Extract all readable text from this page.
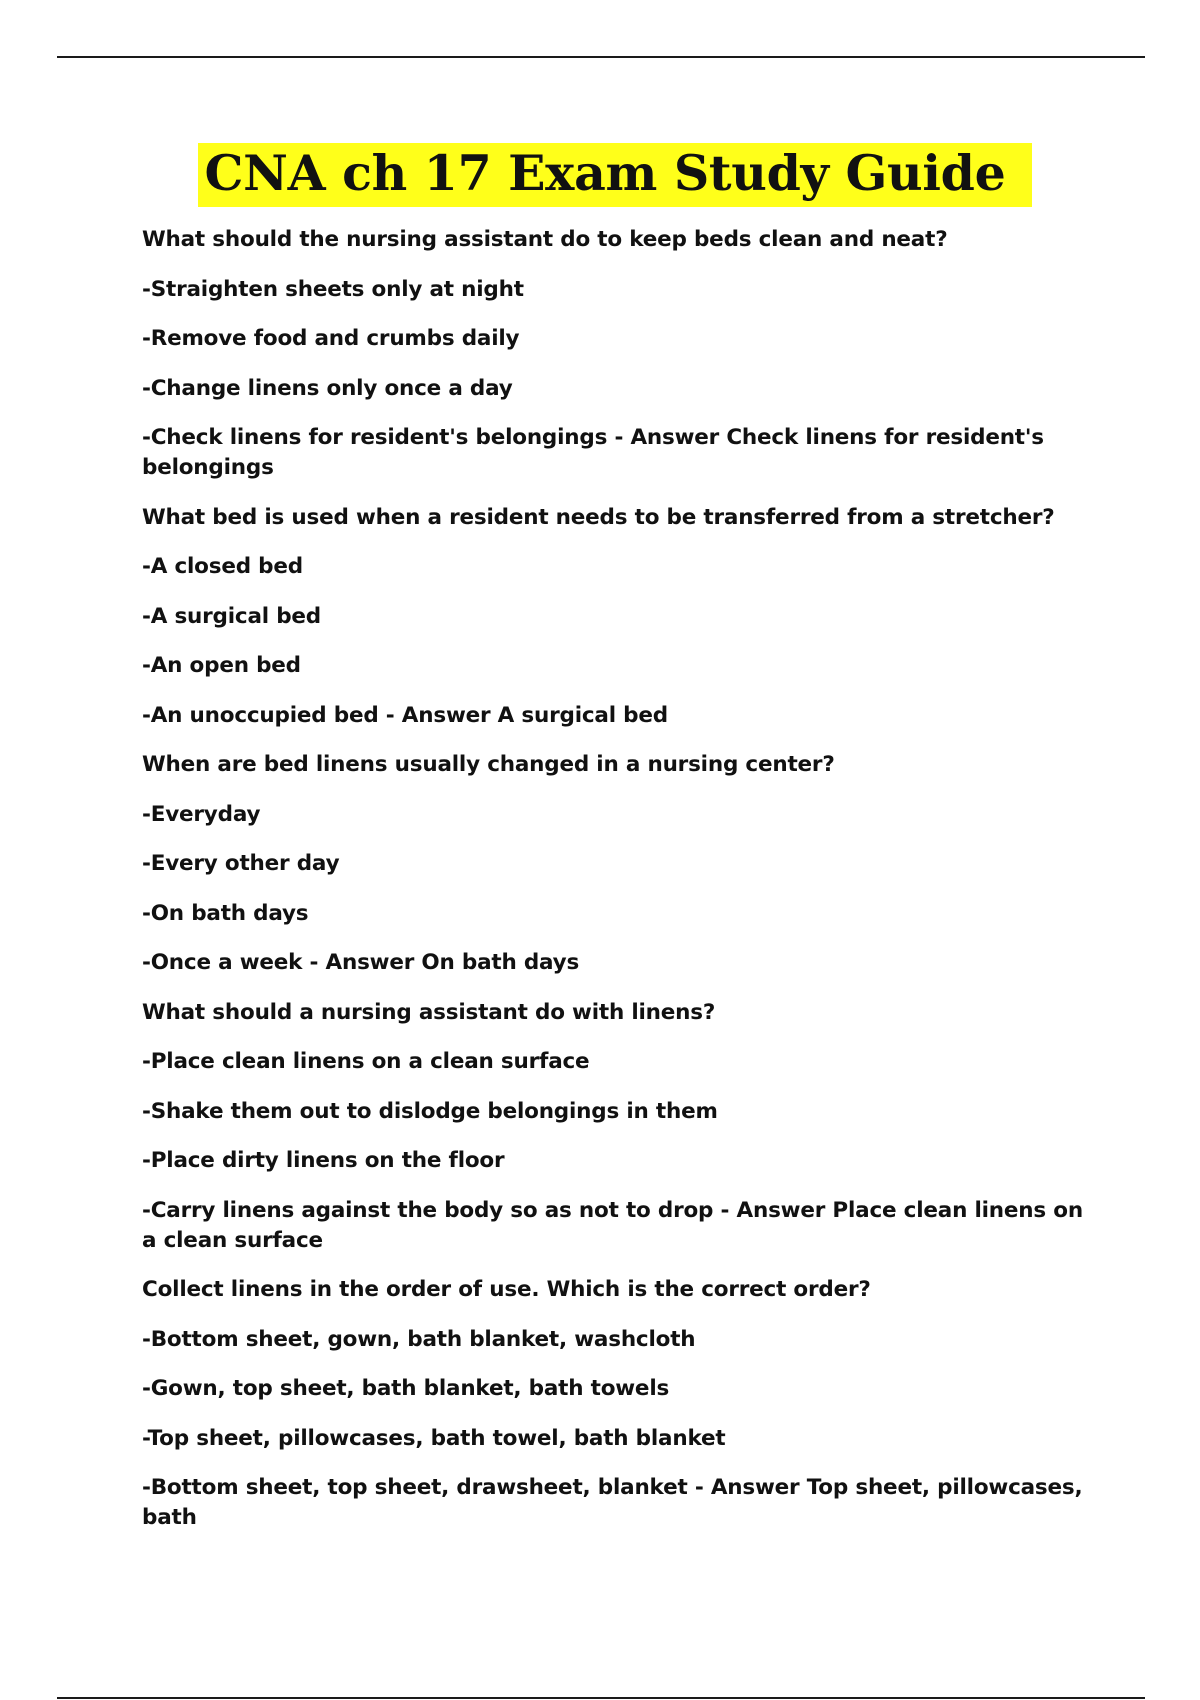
CNA ch 17 Exam Study Guide

What should the nursing assistant do to keep beds clean and neat?

-Straighten sheets only at night

-Remove food and crumbs daily

-Change linens only once a day

-Check linens for resident's belongings - Answer Check linens for resident's belongings

What bed is used when a resident needs to be transferred from a stretcher?

-A closed bed

-A surgical bed

-An open bed

-An unoccupied bed - Answer A surgical bed

When are bed linens usually changed in a nursing center?

-Everyday

-Every other day

-On bath days

-Once a week - Answer On bath days

What should a nursing assistant do with linens?

-Place clean linens on a clean surface

-Shake them out to dislodge belongings in them

-Place dirty linens on the floor

-Carry linens against the body so as not to drop - Answer Place clean linens on a clean surface

Collect linens in the order of use. Which is the correct order?

-Bottom sheet, gown, bath blanket, washcloth

-Gown, top sheet, bath blanket, bath towels

-Top sheet, pillowcases, bath towel, bath blanket

-Bottom sheet, top sheet, drawsheet, blanket - Answer Top sheet, pillowcases, bath
